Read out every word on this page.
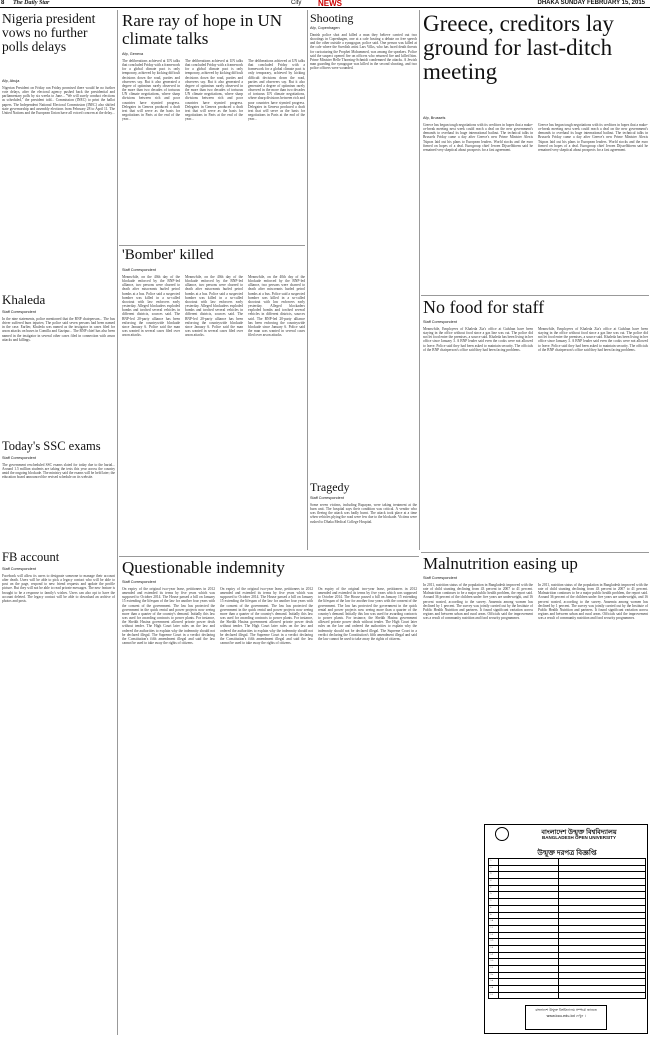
8 The Daily Star	City NEWS	DHAKA SUNDAY FEBRUARY 15, 2015
Nigeria president vows no further polls delays
Afp, Abuja
Nigerian President on Friday ran Friday promised there would be no further vote delays, after the electoral agency pushed back the presidential and parliamentary polls by six weeks to June... "We will surely conduct elections as scheduled," the president told... Commission (INEC) to print the ballot papers. The Independent National Electoral Commission (INEC) also shifted state governorship and assembly elections from February 28 to April 11. The United Nations and the European Union have all voiced concern at the delay...
Khaleda
Staff Correspondent
In the nine statements, police mentioned that the BNP chairperson... The bus driver suffered burn injuries; The police said seven persons had been named in the case. Earlier, Khaleda was named as the instigator in cases filed for arson attacks on buses in Comilla and Gazipur... The BNP chief has also been named in the instigator in several other cases filed in connection with arson attacks and killings.
Today's SSC exams
Staff Correspondent
The government rescheduled SSC exams slated for today due to the hartal... Around 1.5 million students are taking the tests this year across the country amid the ongoing blockade. The ministry said the exams will be held later; the education board announced the revised schedule on its website.
FB account
Staff Correspondent
Facebook will allow its users to designate someone to manage their account after death. Users will be able to pick a legacy contact who will be able to post on the page, respond to new friend requests and update the profile picture. But they will not be able to read private messages. The new feature is brought to be a response to family's wishes. Users can also opt to have the account deleted. The legacy contact will be able to download an archive of photos and posts.
Rare ray of hope in UN climate talks
Afp, Geneva
The deliberations achieved at UN talks that concluded Friday with a framework for a global climate pact is only temporary, achieved by kicking difficult decisions down the road, parties and observers say. But it also generated a degree of optimism rarely observed in the more than two decades of tortuous UN climate negotiations, where sharp divisions between rich and poor countries have stymied progress. Delegates in Geneva produced a draft text that will serve as the basis for negotiations in Paris at the end of the year...
The deliberations achieved at UN talks that concluded Friday with a framework for a global climate pact is only temporary, achieved by kicking difficult decisions down the road, parties and observers say. But it also generated a degree of optimism rarely observed in the more than two decades of tortuous UN climate negotiations, where sharp divisions between rich and poor countries have stymied progress. Delegates in Geneva produced a draft text that will serve as the basis for negotiations in Paris at the end of the year...
The deliberations achieved at UN talks that concluded Friday with a framework for a global climate pact is only temporary, achieved by kicking difficult decisions down the road, parties and observers say. But it also generated a degree of optimism rarely observed in the more than two decades of tortuous UN climate negotiations, where sharp divisions between rich and poor countries have stymied progress. Delegates in Geneva produced a draft text that will serve as the basis for negotiations in Paris at the end of the year...
'Bomber' killed
Staff Correspondent
Meanwhile, on the 40th day of the blockade enforced by the BNP-led alliance, two persons were charred to death after miscreants hurled petrol bombs at a bus. Police said a suspected bomber was killed in a so-called shootout with law enforcers early yesterday. Alleged blockaders exploded bombs and torched several vehicles in different districts, sources said. The BNP-led 20-party alliance has been enforcing the countrywide blockade since January 6. Police said the man was wanted in several cases filed over arson attacks.
Meanwhile, on the 40th day of the blockade enforced by the BNP-led alliance, two persons were charred to death after miscreants hurled petrol bombs at a bus. Police said a suspected bomber was killed in a so-called shootout with law enforcers early yesterday. Alleged blockaders exploded bombs and torched several vehicles in different districts, sources said. The BNP-led 20-party alliance has been enforcing the countrywide blockade since January 6. Police said the man was wanted in several cases filed over arson attacks.
Meanwhile, on the 40th day of the blockade enforced by the BNP-led alliance, two persons were charred to death after miscreants hurled petrol bombs at a bus. Police said a suspected bomber was killed in a so-called shootout with law enforcers early yesterday. Alleged blockaders exploded bombs and torched several vehicles in different districts, sources said. The BNP-led 20-party alliance has been enforcing the countrywide blockade since January 6. Police said the man was wanted in several cases filed over arson attacks.
Shooting
Afp, Copenhagen
Danish police shot and killed a man they believe carried out two shootings in Copenhagen, one at a cafe hosting a debate on free speech and the other outside a synagogue, police said. One person was killed at the cafe where the Swedish artist Lars Vilks, who has faced death threats for caricaturing the Prophet Mohammed, was among the speakers. Police said the suspect opened fire on officers who returned fire and killed him. Prime Minister Helle Thorning-Schmidt condemned the attacks. A Jewish man guarding the synagogue was killed in the second shooting, and two police officers were wounded.
Tragedy
Staff Correspondent
Some seven victims, including Rupayan, were taking treatment at the burn unit. The hospital says their condition was critical. A vendor who was fleeing the attack was badly burnt. The attack took place at a time when vehicles plying the road were few due to the blockade. Victims were rushed to Dhaka Medical College Hospital.
Greece, creditors lay ground for last-ditch meeting
Afp, Brussels
Greece has begun tough negotiations with its creditors in hopes that a make-or-break meeting next week could reach a deal on the new government's demands to overhaul its huge international bailout. The technical talks in Brussels Friday came a day after Greece's new Prime Minister Alexis Tsipras laid out his plans to European leaders. World stocks and the euro firmed on hopes of a deal. Eurogroup chief Jeroen Dijsselbloem said he remained very skeptical about prospects for a fast agreement.
Greece has begun tough negotiations with its creditors in hopes that a make-or-break meeting next week could reach a deal on the new government's demands to overhaul its huge international bailout. The technical talks in Brussels Friday came a day after Greece's new Prime Minister Alexis Tsipras laid out his plans to European leaders. World stocks and the euro firmed on hopes of a deal. Eurogroup chief Jeroen Dijsselbloem said he remained very skeptical about prospects for a fast agreement.
No food for staff
Staff Correspondent
Meanwhile, Employees of Khaleda Zia's office at Gulshan have been staying in the office without food since a gas line was cut. The police did not let food enter the premises, a source said. Khaleda has been living in her office since January 3. A BNP leader said even the cooks were not allowed to leave. Police said they had been asked to maintain security. The officials of the BNP chairperson's office said they had been facing problems.
Meanwhile, Employees of Khaleda Zia's office at Gulshan have been staying in the office without food since a gas line was cut. The police did not let food enter the premises, a source said. Khaleda has been living in her office since January 3. A BNP leader said even the cooks were not allowed to leave. Police said they had been asked to maintain security. The officials of the BNP chairperson's office said they had been facing problems.
Questionable indemnity
Staff Correspondent
On expiry of the original two-year lease, petitioners in 2012 amended and extended its terms by five years which was supposed to October 2014. The House passed a bill on January 15 extending the lifespan of the law for another four years with the consent of the government. The law has protected the government in the quick rental and power projects now seeing more than a quarter of the country's demand. Initially this law was used for awarding contracts to power plants. For instance, the Sheikh Hasina government allowed private power deals without tender. The High Court later rules on the law and ordered the authorities to explain why the indemnity should not be declared illegal. The Supreme Court in a verdict declaring the Constitution's fifth amendment illegal and said the law cannot be used to take away the rights of citizens.
On expiry of the original two-year lease, petitioners in 2012 amended and extended its terms by five years which was supposed to October 2014. The House passed a bill on January 15 extending the lifespan of the law for another four years with the consent of the government. The law has protected the government in the quick rental and power projects now seeing more than a quarter of the country's demand. Initially this law was used for awarding contracts to power plants. For instance, the Sheikh Hasina government allowed private power deals without tender. The High Court later rules on the law and ordered the authorities to explain why the indemnity should not be declared illegal. The Supreme Court in a verdict declaring the Constitution's fifth amendment illegal and said the law cannot be used to take away the rights of citizens.
On expiry of the original two-year lease, petitioners in 2012 amended and extended its terms by five years which was supposed to October 2014. The House passed a bill on January 15 extending the lifespan of the law for another four years with the consent of the government. The law has protected the government in the quick rental and power projects now seeing more than a quarter of the country's demand. Initially this law was used for awarding contracts to power plants. For instance, the Sheikh Hasina government allowed private power deals without tender. The High Court later rules on the law and ordered the authorities to explain why the indemnity should not be declared illegal. The Supreme Court in a verdict declaring the Constitution's fifth amendment illegal and said the law cannot be used to take away the rights of citizens.
Malnutrition easing up
Staff Correspondent
In 2011, nutrition status of the population in Bangladesh improved with the rate of child stunting declining from 43 percent in 2007 to 41 percent. Malnutrition continues to be a major public health problem, the report said. Around 36 percent of the children under five years are underweight, and 16 percent wasted, according to the survey. Anaemia among women has declined by 1 percent. The survey was jointly carried out by the Institute of Public Health Nutrition and partners. It found significant variation across regions and between urban and rural areas. Officials said the improvement was a result of community nutrition and food security programmes.
In 2011, nutrition status of the population in Bangladesh improved with the rate of child stunting declining from 43 percent in 2007 to 41 percent. Malnutrition continues to be a major public health problem, the report said. Around 36 percent of the children under five years are underweight, and 16 percent wasted, according to the survey. Anaemia among women has declined by 1 percent. The survey was jointly carried out by the Institute of Public Health Nutrition and partners. It found significant variation across regions and between urban and rural areas. Officials said the improvement was a result of community nutrition and food security programmes.
বাংলাদেশ উন্মুক্ত বিশ্ববিদ্যালয়
BANGLADESH OPEN UNIVERSITY
উন্মুক্ত দরপত্র বিজ্ঞপ্তি
১		
২		
৩		
৪		
৫		
৬		
৭		
৮		
৯		
১০		
১১		
১২		
১৩		
১৪		
১৫		
১৬		
১৭		
১৮		
১৯		
২০		
২১		
বাংলাদেশ উন্মুক্ত বিশ্ববিদ্যালয় সম্পর্কে জানতে www.bou.edu.bd দেখুন ।
